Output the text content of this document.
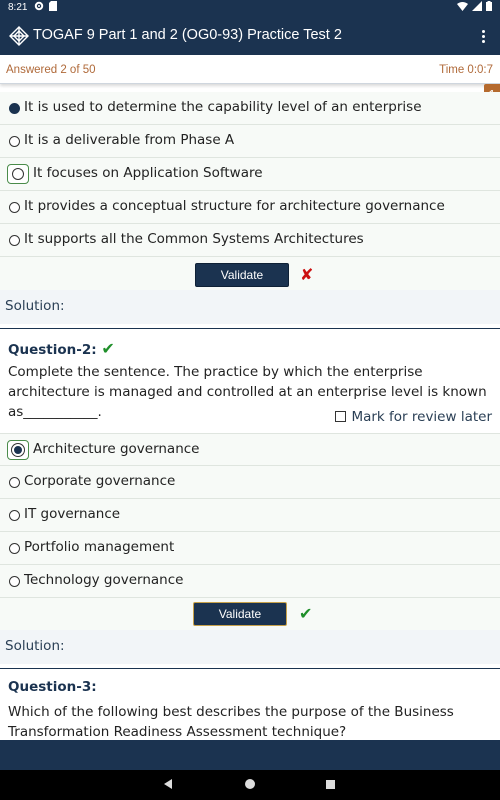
8:21
TOGAF 9 Part 1 and 2 (OG0-93) Practice Test 2
Answered 2 of 50	Time 0:0:7
It is used to determine the capability level of an enterprise
It is a deliverable from Phase A
It focuses on Application Software
It provides a conceptual structure for architecture governance
It supports all the Common Systems Architectures
Validate	✘
Solution:
Question-2: ✔
Complete the sentence. The practice by which the enterprise architecture is managed and controlled at an enterprise level is known as___________.	Mark for review later
Architecture governance
Corporate governance
IT governance
Portfolio management
Technology governance
Validate	✔
Solution:
Question-3:
Which of the following best describes the purpose of the Business Transformation Readiness Assessment technique?
